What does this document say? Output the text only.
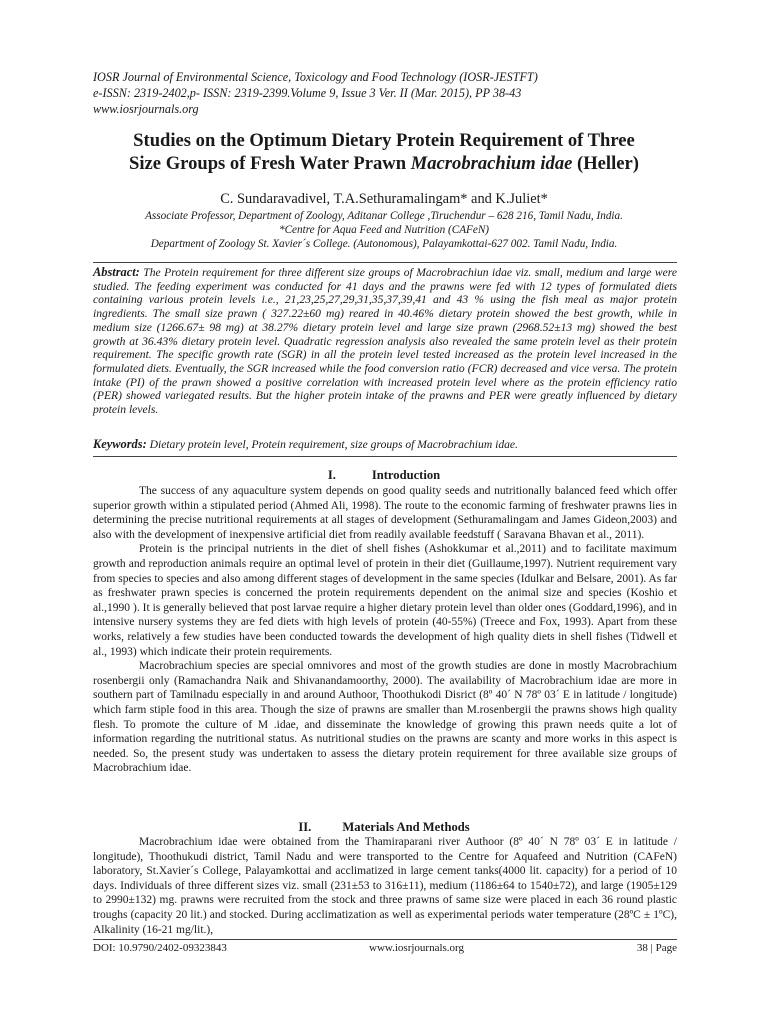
IOSR Journal of Environmental Science, Toxicology and Food Technology (IOSR-JESTFT)
e-ISSN: 2319-2402,p- ISSN: 2319-2399.Volume 9, Issue 3 Ver. II (Mar. 2015), PP 38-43
www.iosrjournals.org
Studies on the Optimum Dietary Protein Requirement of Three
Size Groups of Fresh Water Prawn Macrobrachium idae (Heller)
C. Sundaravadivel, T.A.Sethuramalingam* and K.Juliet*
Associate Professor, Department of Zoology, Aditanar College ,Tiruchendur – 628 216, Tamil Nadu, India.
*Centre for Aqua Feed and Nutrition (CAFeN)
Department of Zoology St. Xavier´s College. (Autonomous), Palayamkottai-627 002. Tamil Nadu, India.
Abstract: The Protein requirement for three different size groups of Macrobrachiun idae viz. small, medium and large were studied. The feeding experiment was conducted for 41 days and the prawns were fed with 12 types of formulated diets containing various protein levels i.e., 21,23,25,27,29,31,35,37,39,41 and 43 % using the fish meal as major protein ingredients. The small size prawn ( 327.22±60 mg) reared in 40.46% dietary protein showed the best growth, while in medium size (1266.67± 98 mg) at 38.27% dietary protein level and large size prawn (2968.52±13 mg) showed the best growth at 36.43% dietary protein level. Quadratic regression analysis also revealed the same protein level as their protein requirement. The specific growth rate (SGR) in all the protein level tested increased as the protein level increased in the formulated diets. Eventually, the SGR increased while the food conversion ratio (FCR) decreased and vice versa. The protein intake (PI) of the prawn showed a positive correlation with increased protein level where as the protein efficiency ratio (PER) showed variegated results. But the higher protein intake of the prawns and PER were greatly influenced by dietary protein levels.
Keywords: Dietary protein level, Protein requirement, size groups of Macrobrachium idae.
I.	Introduction

The success of any aquaculture system depends on good quality seeds and nutritionally balanced feed which offer superior growth within a stipulated period (Ahmed Ali, 1998). The route to the economic farming of freshwater prawns lies in determining the precise nutritional requirements at all stages of development (Sethuramalingam and James Gideon,2003) and also with the development of inexpensive artificial diet from readily available feedstuff ( Saravana Bhavan et al., 2011).

Protein is the principal nutrients in the diet of shell fishes (Ashokkumar et al.,2011) and to facilitate maximum growth and reproduction animals require an optimal level of protein in their diet (Guillaume,1997). Nutrient requirement vary from species to species and also among different stages of development in the same species (Idulkar and Belsare, 2001). As far as freshwater prawn species is concerned the protein requirements dependent on the animal size and species (Koshio et al.,1990 ). It is generally believed that post larvae require a higher dietary protein level than older ones (Goddard,1996), and in intensive nursery systems they are fed diets with high levels of protein (40-55%) (Treece and Fox, 1993). Apart from these works, relatively a few studies have been conducted towards the development of high quality diets in shell fishes (Tidwell et al., 1993) which indicate their protein requirements.

Macrobrachium species are special omnivores and most of the growth studies are done in mostly Macrobrachium rosenbergii only (Ramachandra Naik and Shivanandamoorthy, 2000). The availability of Macrobrachium idae are more in southern part of Tamilnadu especially in and around Authoor, Thoothukodi Disrict (8º 40´ N 78º 03´ E in latitude / longitude) which farm stiple food in this area. Though the size of prawns are smaller than M.rosenbergii the prawns shows high quality flesh. To promote the culture of M .idae, and disseminate the knowledge of growing this prawn needs quite a lot of information regarding the nutritional status. As nutritional studies on the prawns are scanty and more works in this aspect is needed. So, the present study was undertaken to assess the dietary protein requirement for three available size groups of Macrobrachium idae.

II. Materials And Methods

Macrobrachium idae were obtained from the Thamiraparani river Authoor (8º 40´ N 78º 03´ E in latitude / longitude), Thoothukudi district, Tamil Nadu and were transported to the Centre for Aquafeed and Nutrition (CAFeN) laboratory, St.Xavier´s College, Palayamkottai and acclimatized in large cement tanks(4000 lit. capacity) for a period of 10 days. Individuals of three different sizes viz. small (231±53 to 316±11), medium (1186±64 to 1540±72), and large (1905±129 to 2990±132) mg. prawns were recruited from the stock and three prawns of same size were placed in each 36 round plastic troughs (capacity 20 lit.) and stocked. During acclimatization as well as experimental periods water temperature (28ºC ± 1ºC), Alkalinity (16-21 mg/lit.),

DOI: 10.9790/2402-09323843	www.iosrjournals.org	38 | Page
